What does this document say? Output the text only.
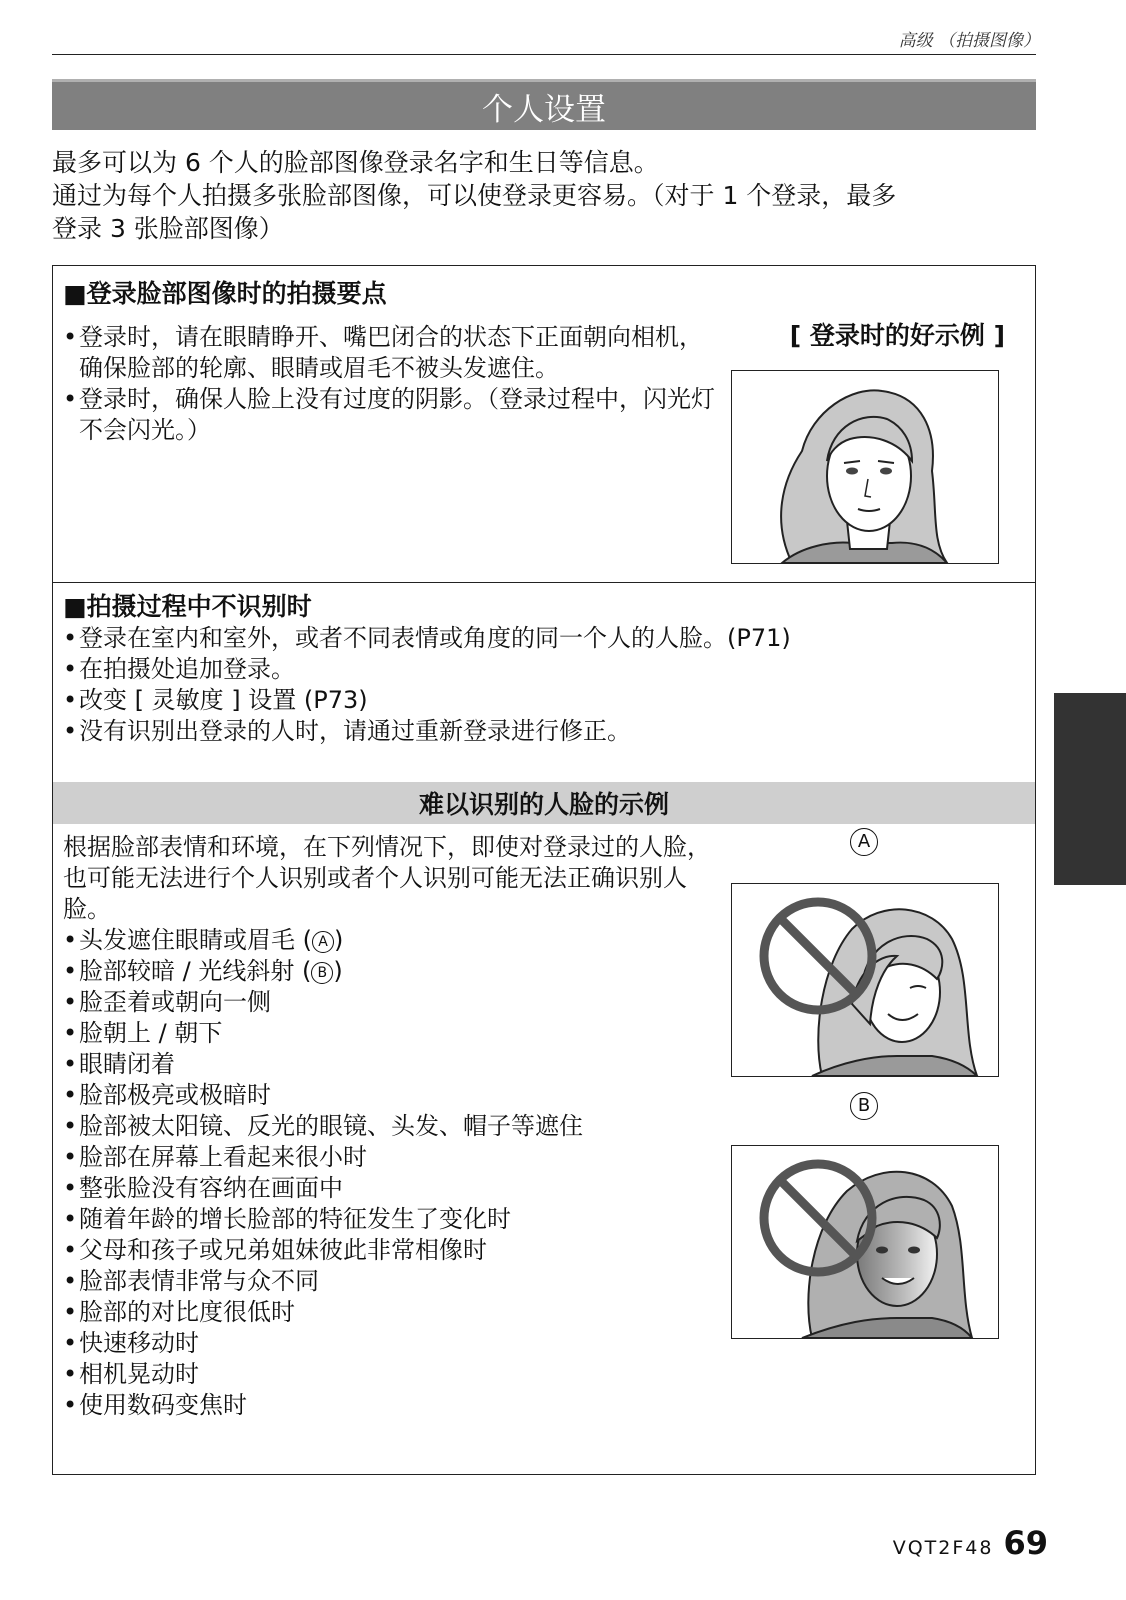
高级 （拍摄图像）
个人设置
最多可以为 6 个人的脸部图像登录名字和生日等信息。
通过为每个人拍摄多张脸部图像，可以使登录更容易。（对于 1 个登录，最多
登录 3 张脸部图像）
■登录脸部图像时的拍摄要点
• 登录时，请在眼睛睁开、嘴巴闭合的状态下正面朝向相机，确保脸部的轮廓、眼睛或眉毛不被头发遮住。
• 登录时，确保人脸上没有过度的阴影。（登录过程中，闪光灯不会闪光。）
[ 登录时的好示例 ]
■拍摄过程中不识别时
• 登录在室内和室外，或者不同表情或角度的同一个人的人脸。(P71)
• 在拍摄处追加登录。
• 改变 [ 灵敏度 ] 设置 (P73)
• 没有识别出登录的人时，请通过重新登录进行修正。
难以识别的人脸的示例
根据脸部表情和环境，在下列情况下，即使对登录过的人脸，也可能无法进行个人识别或者个人识别可能无法正确识别人脸。
• 头发遮住眼睛或眉毛 ( A )
• 脸部较暗 / 光线斜射 ( B )
• 脸歪着或朝向一侧
• 脸朝上 / 朝下
• 眼睛闭着
• 脸部极亮或极暗时
• 脸部被太阳镜、反光的眼镜、头发、帽子等遮住
• 脸部在屏幕上看起来很小时
• 整张脸没有容纳在画面中
• 随着年龄的增长脸部的特征发生了变化时
• 父母和孩子或兄弟姐妹彼此非常相像时
• 脸部表情非常与众不同
• 脸部的对比度很低时
• 快速移动时
• 相机晃动时
• 使用数码变焦时
A
B
VQT2F48 69
